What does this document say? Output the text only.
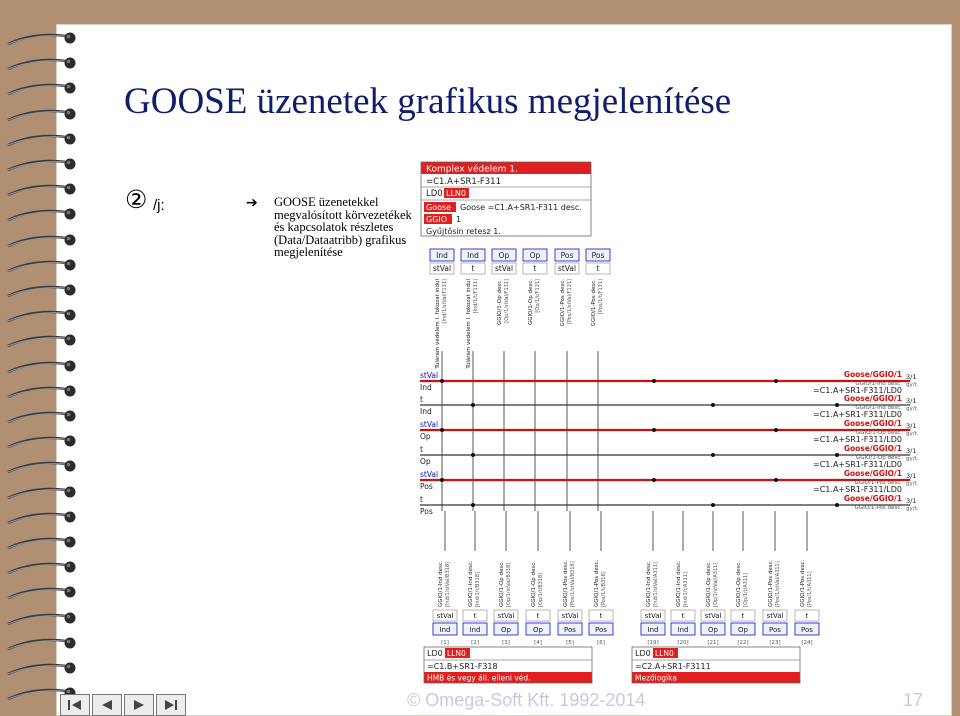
GOOSE üzenetek grafikus megjelenítése
② /j:	➔ GOOSE üzenetekkel megvalósított körvezetékek és kapcsolatok részletes (Data/Dataatribb) grafikus megjelenítése
Komplex védelem 1.
=C1.A+SR1-F311
LD0 LLN0
Goose Goose =C1.A+SR1-F311 desc.
GGIO 1
Gyűjtősín retesz 1.
Ind
stVal
Túláram védelem I. fokozat indul [Ind/1/stVal/F131]
Ind
t
Túláram védelem I. fokozat indul [Ind/1/t/F131]
Op
stVal
GGIO/1-Op desc. [Op/1/stVal/F131]
Op
t
GGIO/1-Op desc. [Op/1/t/F131]
Pos
stVal
GGIO/1-Pos desc. [Pos/1/stVal/F131]
Pos
t
GGIO/1-Pos desc. [Pos/1/t/F131]
stVal
Ind
t
Ind
stVal
Op
t
Op
stVal
Pos
t
Pos
Goose/GGIO/1 3/1
gy/t.
GGIO/1-Ind desc.
Goose/GGIO/1 3/1
gy/t.
GGIO/1-Ind desc.
Goose/GGIO/1 3/1
gy/t.
GGIO/1-Op desc.
Goose/GGIO/1 3/1
gy/t.
GGIO/1-Op desc.
Goose/GGIO/1 3/1
gy/t.
GGIO/1-Pos desc.
Goose/GGIO/1 3/1
gy/t.
GGIO/1-Pos desc.
=C1.A+SR1-F311/LD0
=C1.A+SR1-F311/LD0
=C1.A+SR1-F311/LD0
=C1.A+SR1-F311/LD0
=C1.A+SR1-F311/LD0
GGIO/1-Ind desc. [Ind/1/stVal/B318]
stVal
Ind
[1]
GGIO/1-Ind desc. [Ind/1/t/B318]
t
Ind
[2]
GGIO/1-Op desc. [Op/1/stVal/B318]
stVal
Op
[3]
GGIO/1-Op desc. [Op/1/t/B318]
t
Op
[4]
GGIO/1-Pos desc. [Pos/1/stVal/B318]
stVal
Pos
[5]
GGIO/1-Pos desc. [Pos/1/t/B318]
t
Pos
[6]
LD0 LLN0
=C1.B+SR1-F318
HMB és vegy áll. elleni véd.
GGIO/1-Ind desc. [Ind/1/stVal/A311]
stVal
Ind
[19]
GGIO/1-Ind desc. [Ind/1/t/A311]
t
Ind
[20]
GGIO/1-Op desc. [Op/1/stVal/A311]
stVal
Op
[21]
GGIO/1-Op desc. [Op/1/t/A311]
t
Op
[22]
GGIO/1-Pos desc. [Pos/1/stVal/A311]
stVal
Pos
[23]
GGIO/1-Pos desc. [Pos/1/t/A311]
t
Pos
[24]
LD0 LLN0
=C2.A+SR1-F3111
Mezőlogika
© Omega-Soft Kft. 1992-2014	17
